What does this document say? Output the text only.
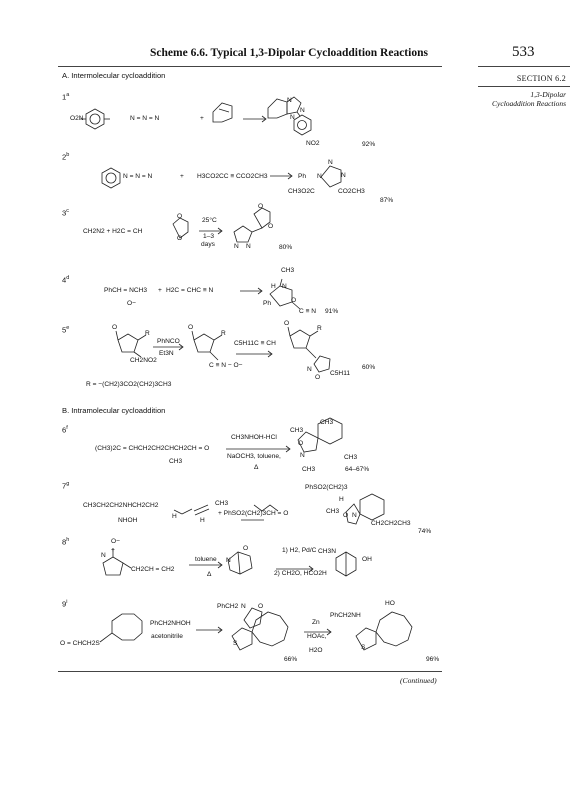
Scheme 6.6. Typical 1,3-Dipolar Cycloaddition Reactions	533
SECTION 6.2
1,3-Dipolar
Cycloaddition Reactions
A. Intermolecular cycloaddition
1$^a$
2$^b$
3$^c$
4$^d$
5e
O2N	N = N = N	+
N
N
N
NO2	92%
N = N = N	+ H3CO2CC ≡ CCO2CH3	Ph N
N
N
CH3O2C	CO2CH3
87%
CH2N2 + H2C = CH
O
O
25°C
1–3
days
O
O
N N	80%
PhCH = NCH3
O−
+ H2C = CHC ≡ N
CH3
H N
O
Ph
C ≡ N 91%
O
R
CH2NO2
PhNCO
Et3N
O
R
C ≡ N − O−
C5H11C ≡ CH
O
R
N
O
C5H11
R = −(CH2)3CO2(CH2)3CH3
60%
B. Intramolecular cycloaddition
6$^f$
7$^g$
8$^h$
9$^i$
(CH3)2C = CHCH2CH2CHCH2CH = O
CH3
CH3NHOH-HCl
NaOCH3, toluene,
Δ
CH3
CH3
O
N	CH3
CH3	64–67%
CH3CH2CH2NHCH2CH2
NHOH
CH3
H
H
+ PhSO2(CH2)3CH = O
PhSO2(CH2)3
H
CH3
O N
CH2CH2CH3
74%
O−
N
+
CH2CH = CH2
toluene
Δ
N
O	1) H2, Pd/C
2) CH2O, HCO2H
CH3N
OH
O = CHCH2S
PhCH2NHOH
acetonitrile
PhCH2 N O
S
Zn
HOAc,
H2O
PhCH2NH
HO
S
66%	96%
(Continued)
